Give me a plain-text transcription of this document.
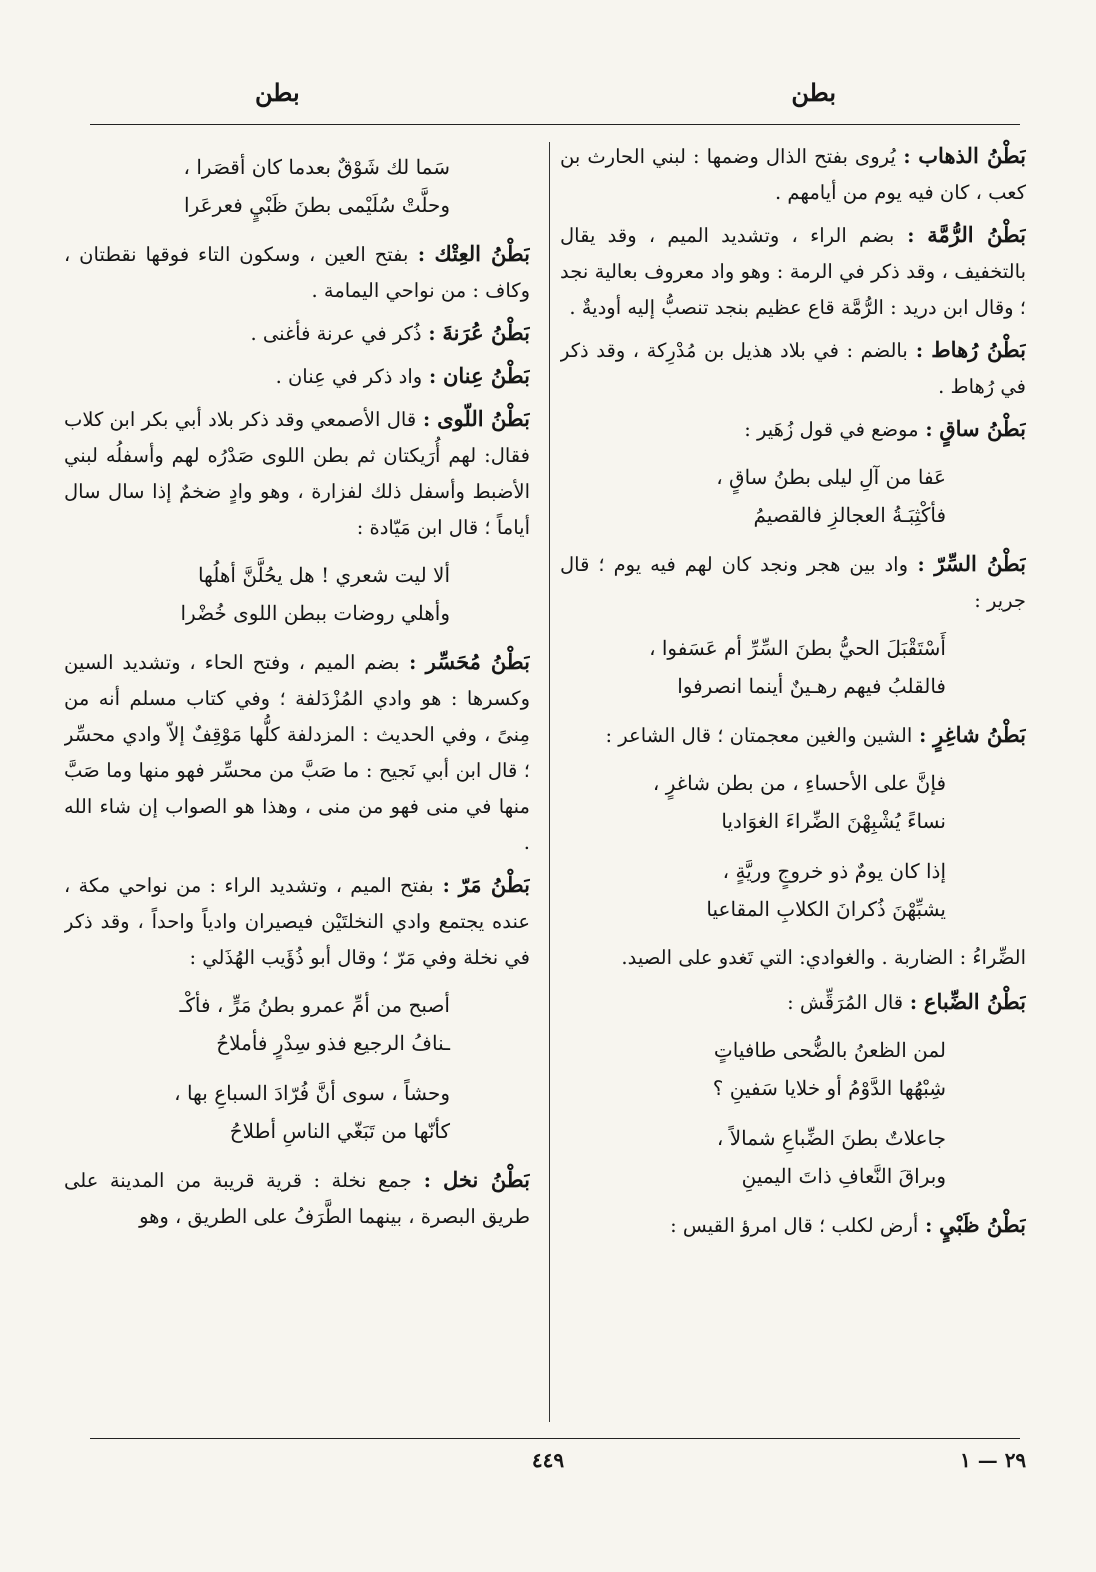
بطن
بطن

بَطْنُ الذهاب : يُروى بفتح الذال وضمها : لبني الحارث بن كعب ، كان فيه يوم من أيامهم .

بَطْنُ الرُّمَّة : بضم الراء ، وتشديد الميم ، وقد يقال بالتخفيف ، وقد ذكر في الرمة : وهو واد معروف بعالية نجد ؛ وقال ابن دريد : الرُّمَّة قاع عظيم بنجد تنصبُّ إليه أوديةٌ .

بَطْنُ رُهاط : بالضم : في بلاد هذيل بن مُدْرِكة ، وقد ذكر في رُهاط .

بَطْنُ ساقٍ : موضع في قول زُهَير :

عَفا من آلِ ليلى بطنُ ساقٍ ،
فأكْثِبَـةُ العجالزِ فالقصيمُ

بَطْنُ السِّرّ : واد بين هجر ونجد كان لهم فيه يوم ؛ قال جرير :

أَسْتَقْبَلَ الحيُّ بطنَ السِّرِّ أم عَسَفوا ،
فالقلبُ فيهم رهـينٌ أينما انصرفوا

بَطْنُ شاغِرٍ : الشين والغين معجمتان ؛ قال الشاعر :

فإنَّ على الأحساءِ ، من بطن شاغرٍ ،
نساءً يُشْبِهْنَ الضِّراءَ الغوَاديا
إذا كان يومٌ ذو خروجٍ وريَّةٍ ،
يشبِّهْنَ ذُكرانَ الكلابِ المقاعيا

الضِّراءُ : الضاربة . والغوادي: التي تَغدو على الصيد.

بَطْنُ الضِّباع : قال المُرَقِّش :

لمن الظعنُ بالضُّحى طافياتٍ
شِبْهُها الدَّوْمُ أو خلايا سَفينِ ؟
جاعلاتٌ بطنَ الضِّباعِ شمالاً ،
وبراقَ النَّعافِ ذاتَ اليمينِ

بَطْنُ ظَبْيٍ : أرض لكلب ؛ قال امرؤ القيس :

سَما لك شَوْقٌ بعدما كان أقصَرا ،
وحلَّتْ سُلَيْمى بطنَ ظَبْيٍ فعرعَرا

بَطْنُ العِتْك : بفتح العين ، وسكون التاء فوقها نقطتان ، وكاف : من نواحي اليمامة .

بَطْنُ عُرَنةَ : ذُكر في عرنة فأغنى .

بَطْنُ عِنان : واد ذكر في عِنان .

بَطْنُ اللّوى : قال الأصمعي وقد ذكر بلاد أبي بكر ابن كلاب فقال: لهم أُرَيكتان ثم بطن اللوى صَدْرُه لهم وأسفلُه لبني الأضبط وأسفل ذلك لفزارة ، وهو وادٍ ضخمٌ إذا سال سال أياماً ؛ قال ابن مَيّادة :

ألا ليت شعري ! هل يحُلَّنَّ أهلُها
وأهلي روضات ببطن اللوى خُضْرا

بَطْنُ مُحَسِّر : بضم الميم ، وفتح الحاء ، وتشديد السين وكسرها : هو وادي المُزْدَلفة ؛ وفي كتاب مسلم أنه من مِنىً ، وفي الحديث : المزدلفة كلُّها مَوْقِفٌ إلاّ وادي محسِّر ؛ قال ابن أبي نَجيح : ما صَبَّ من محسِّر فهو منها وما صَبَّ منها في منى فهو من منى ، وهذا هو الصواب إن شاء الله .

بَطْنُ مَرّ : بفتح الميم ، وتشديد الراء : من نواحي مكة ، عنده يجتمع وادي النخلتَيْن فيصيران وادياً واحداً ، وقد ذكر في نخلة وفي مَرّ ؛ وقال أبو ذُؤَيب الهُذَلي :

أصبح من أمِّ عمرو بطنُ مَرٍّ ، فأكْـ
ـنافُ الرجيع فذو سِدْرٍ فأملاحُ
وحشاً ، سوى أنَّ فُرّادَ السباعِ بها ،
كأنّها من تَبَغّي الناسِ أطلاحُ

بَطْنُ نخل : جمع نخلة : قرية قريبة من المدينة على طريق البصرة ، بينهما الطَّرَفُ على الطريق ، وهو

٤٤٩	٢٩ — ١
